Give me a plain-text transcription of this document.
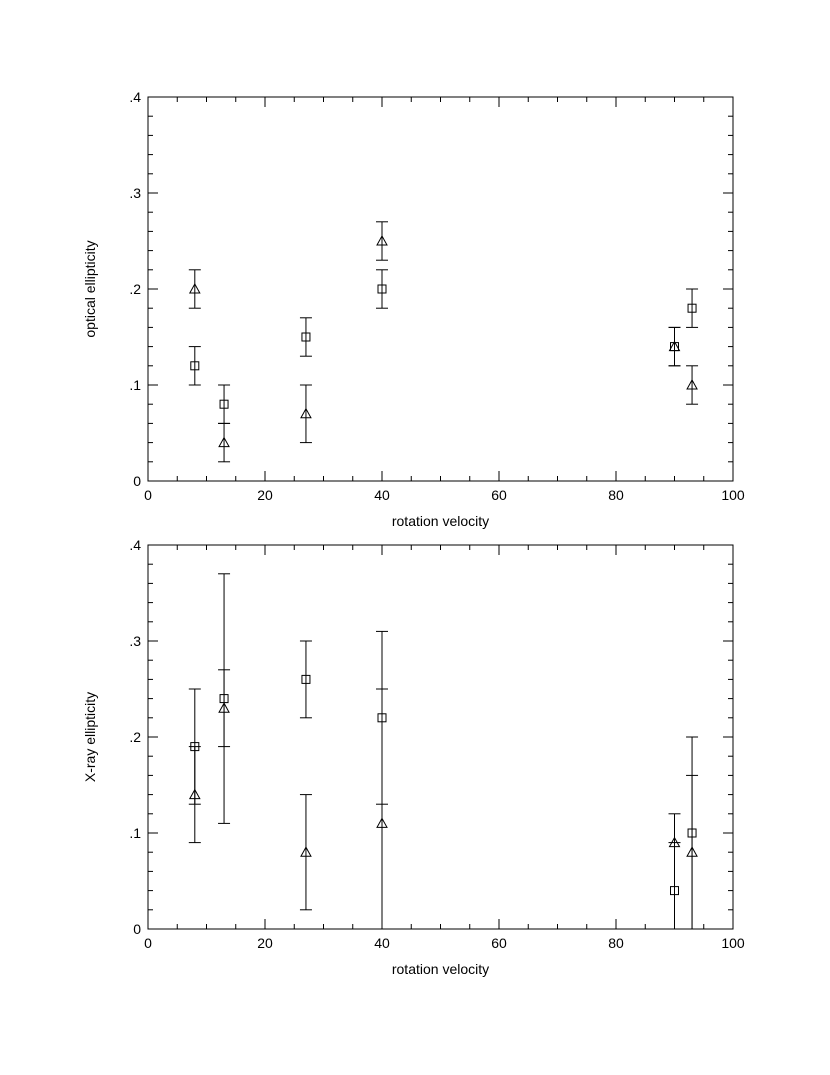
0	20	40	60	80	100
0
.1
.2
.3
.4
rotation velocity
optical ellipticity
0	20	40	60	80	100
0
.1
.2
.3
.4
rotation velocity
X-ray ellipticity
